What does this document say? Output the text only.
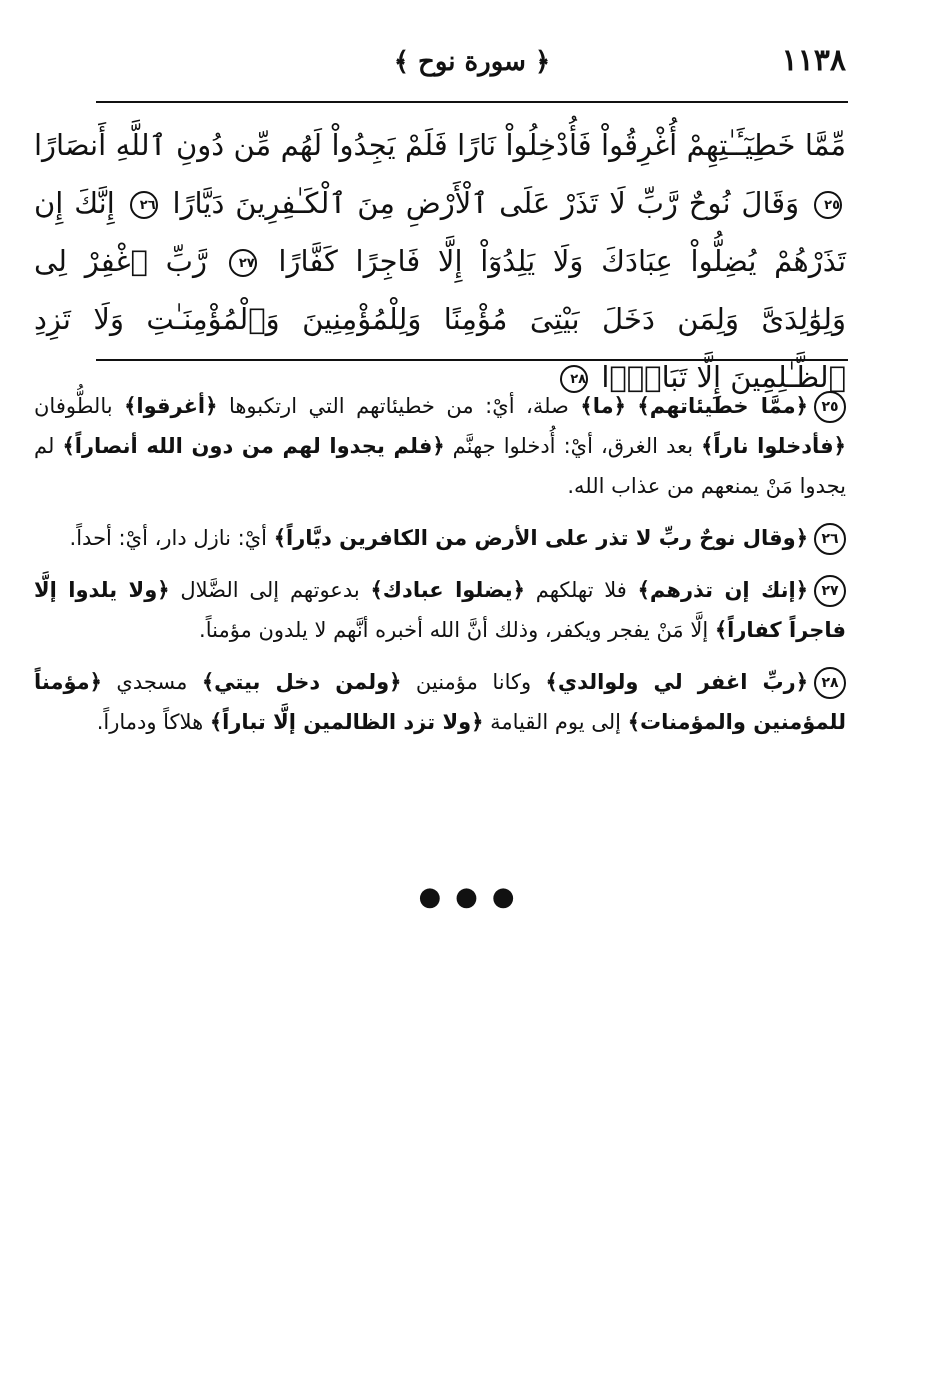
١١٣٨
﴿ سورة نوح ﴾
مِّمَّا خَطِيٓـَٔـٰتِهِمْ أُغْرِقُواْ فَأُدْخِلُواْ نَارًا فَلَمْ يَجِدُواْ لَهُم مِّن دُونِ ٱللَّهِ أَنصَارًا ٢٥ وَقَالَ نُوحٌ رَّبِّ لَا تَذَرْ عَلَى ٱلْأَرْضِ مِنَ ٱلْكَـٰفِرِينَ دَيَّارًا ٢٦ إِنَّكَ إِن تَذَرْهُمْ يُضِلُّواْ عِبَادَكَ وَلَا يَلِدُوٓاْ إِلَّا فَاجِرًا كَفَّارًا ٢٧ رَّبِّ ٱغْفِرْ لِى وَلِوَٰلِدَىَّ وَلِمَن دَخَلَ بَيْتِىَ مُؤْمِنًا وَلِلْمُؤْمِنِينَ وَٱلْمُؤْمِنَـٰتِ وَلَا تَزِدِ ٱلظَّـٰلِمِينَ إِلَّا تَبَارًۢا ٢٨
٢٥﴿ممَّا خطيئاتهم﴾ ﴿ما﴾ صلة، أيْ: من خطيئاتهم التي ارتكبوها ﴿أغرقوا﴾ بالطُّوفان ﴿فأدخلوا ناراً﴾ بعد الغرق، أيْ: أُدخلوا جهنَّم ﴿فلم يجدوا لهم من دون الله أنصاراً﴾ لم يجدوا مَنْ يمنعهم من عذاب الله.
٢٦﴿وقال نوحٌ ربِّ لا تذر على الأرض من الكافرين ديَّاراً﴾ أيْ: نازل دار، أيْ: أحداً.
٢٧﴿إنك إن تذرهم﴾ فلا تهلكهم ﴿يضلوا عبادك﴾ بدعوتهم إلى الضَّلال ﴿ولا يلدوا إلَّا فاجراً كفاراً﴾ إلَّا مَنْ يفجر ويكفر، وذلك أنَّ الله أخبره أنَّهم لا يلدون مؤمناً.
٢٨﴿ربِّ اغفر لي ولوالدي﴾ وكانا مؤمنين ﴿ولمن دخل بيتي﴾ مسجدي ﴿مؤمناً للمؤمنين والمؤمنات﴾ إلى يوم القيامة ﴿ولا تزد الظالمين إلَّا تباراً﴾ هلاكاً ودماراً.
●●●
